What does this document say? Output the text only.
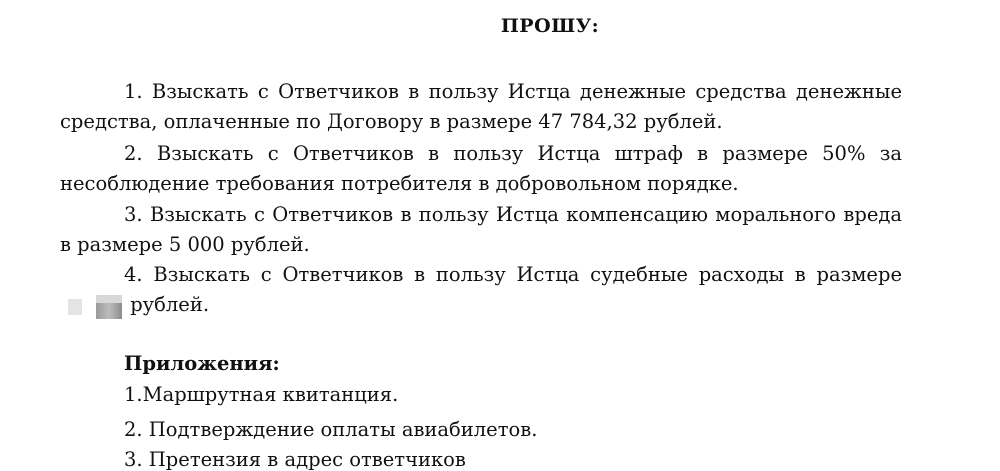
ПРОШУ:
1. Взыскать с Ответчиков в пользу Истца денежные средства денежные средства, оплаченные по Договору в размере 47 784,32 рублей.
2. Взыскать с Ответчиков в пользу Истца штраф в размере 50% за несоблюдение требования потребителя в добровольном порядке.
3. Взыскать с Ответчиков в пользу Истца компенсацию морального вреда в размере 5 000 рублей.
4. Взыскать с Ответчиков в пользу Истца судебные расходы в размере
рублей.
Приложения:
1.Маршрутная квитанция.
2. Подтверждение оплаты авиабилетов.
3. Претензия в адрес ответчиков
